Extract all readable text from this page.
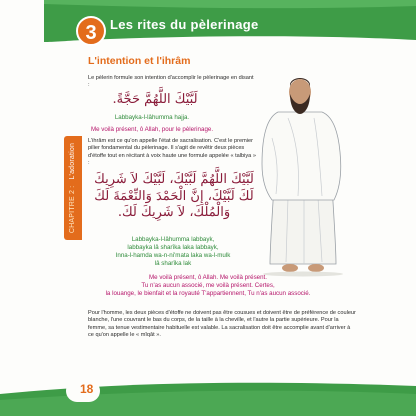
3	Les rites du pèlerinage
CHAPITRE 2 :L'adoration
L'intention et l'ihrâm
Le pèlerin formule son intention d'accomplir le pèlerinage en disant :
لَبَّيْكَ اللَّهُمَّ حَجَّةً.
Labbayka-l-lâhumma hajja.
Me voilà présent, ô Allah, pour le pèlerinage.
L'ihrâm est ce qu'on appelle l'état de sacralisation. C'est le premier pilier fondamental du pèlerinage. Il s'agit de revêtir deux pièces d'étoffe tout en récitant à voix haute une formule appelée « talbiya » :
لَبَّيْكَ اللَّهُمَّ لَبَّيْكَ، لَبَّيْكَ لاَ شَرِيكَ لَكَ لَبَّيْكَ، إِنَّ الْحَمْدَ وَالنِّعْمَةَ لَكَ وَالْمُلْكَ، لاَ شَرِيكَ لَكَ.
Labbayka-l-lâhumma labbayk,
labbayka lâ sharîka laka labbayk,
Inna-l-hamda wa-n-ni'mata laka wa-l-mulk
lâ sharîka lak
Me voilà présent, ô Allah. Me voilà présent.
Tu n'as aucun associé, me voilà présent. Certes,
la louange, le bienfait et la royauté T'appartiennent, Tu n'as aucun associé.
Pour l'homme, les deux pièces d'étoffe ne doivent pas être cousues et doivent être de préférence de couleur blanche, l'une couvrant le bas du corps, de la taille à la cheville, et l'autre la partie supérieure. Pour la femme, sa tenue vestimentaire habituelle est valable. La sacralisation doit être accomplie avant d'arriver à ce qu'on appelle le « mîqât ».
18
